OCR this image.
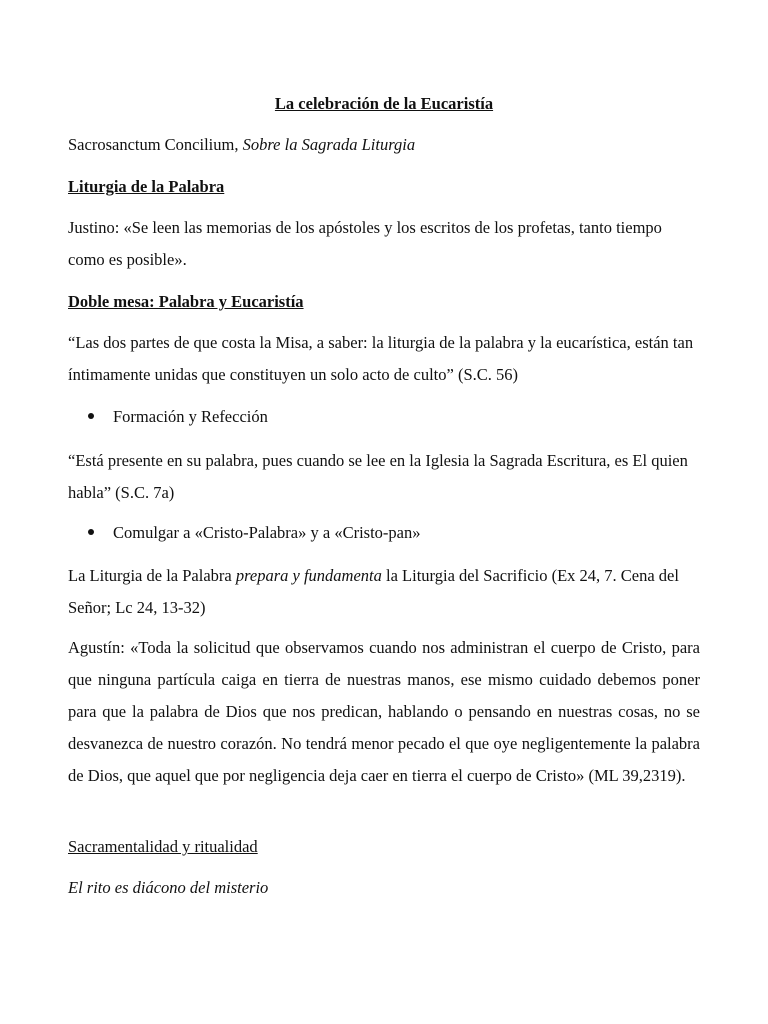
La celebración de la Eucaristía

Sacrosanctum Concilium, Sobre la Sagrada Liturgia

Liturgia de la Palabra

Justino: «Se leen las memorias de los apóstoles y los escritos de los profetas, tanto tiempo como es posible».

Doble mesa: Palabra y Eucaristía

“Las dos partes de que costa la Misa, a saber: la liturgia de la palabra y la eucarística, están tan íntimamente unidas que constituyen un solo acto de culto” (S.C. 56)

Formación y Refección

“Está presente en su palabra, pues cuando se lee en la Iglesia la Sagrada Escritura, es El quien habla” (S.C. 7a)

Comulgar a «Cristo-Palabra» y a «Cristo-pan»

La Liturgia de la Palabra prepara y fundamenta la Liturgia del Sacrificio (Ex 24, 7. Cena del Señor; Lc 24, 13-32)

Agustín: «Toda la solicitud que observamos cuando nos administran el cuerpo de Cristo, para que ninguna partícula caiga en tierra de nuestras manos, ese mismo cuidado debemos poner para que la palabra de Dios que nos predican, hablando o pensando en nuestras cosas, no se desvanezca de nuestro corazón. No tendrá menor pecado el que oye negligentemente la palabra de Dios, que aquel que por negligencia deja caer en tierra el cuerpo de Cristo» (ML 39,2319).

Sacramentalidad y ritualidad

El rito es diácono del misterio
